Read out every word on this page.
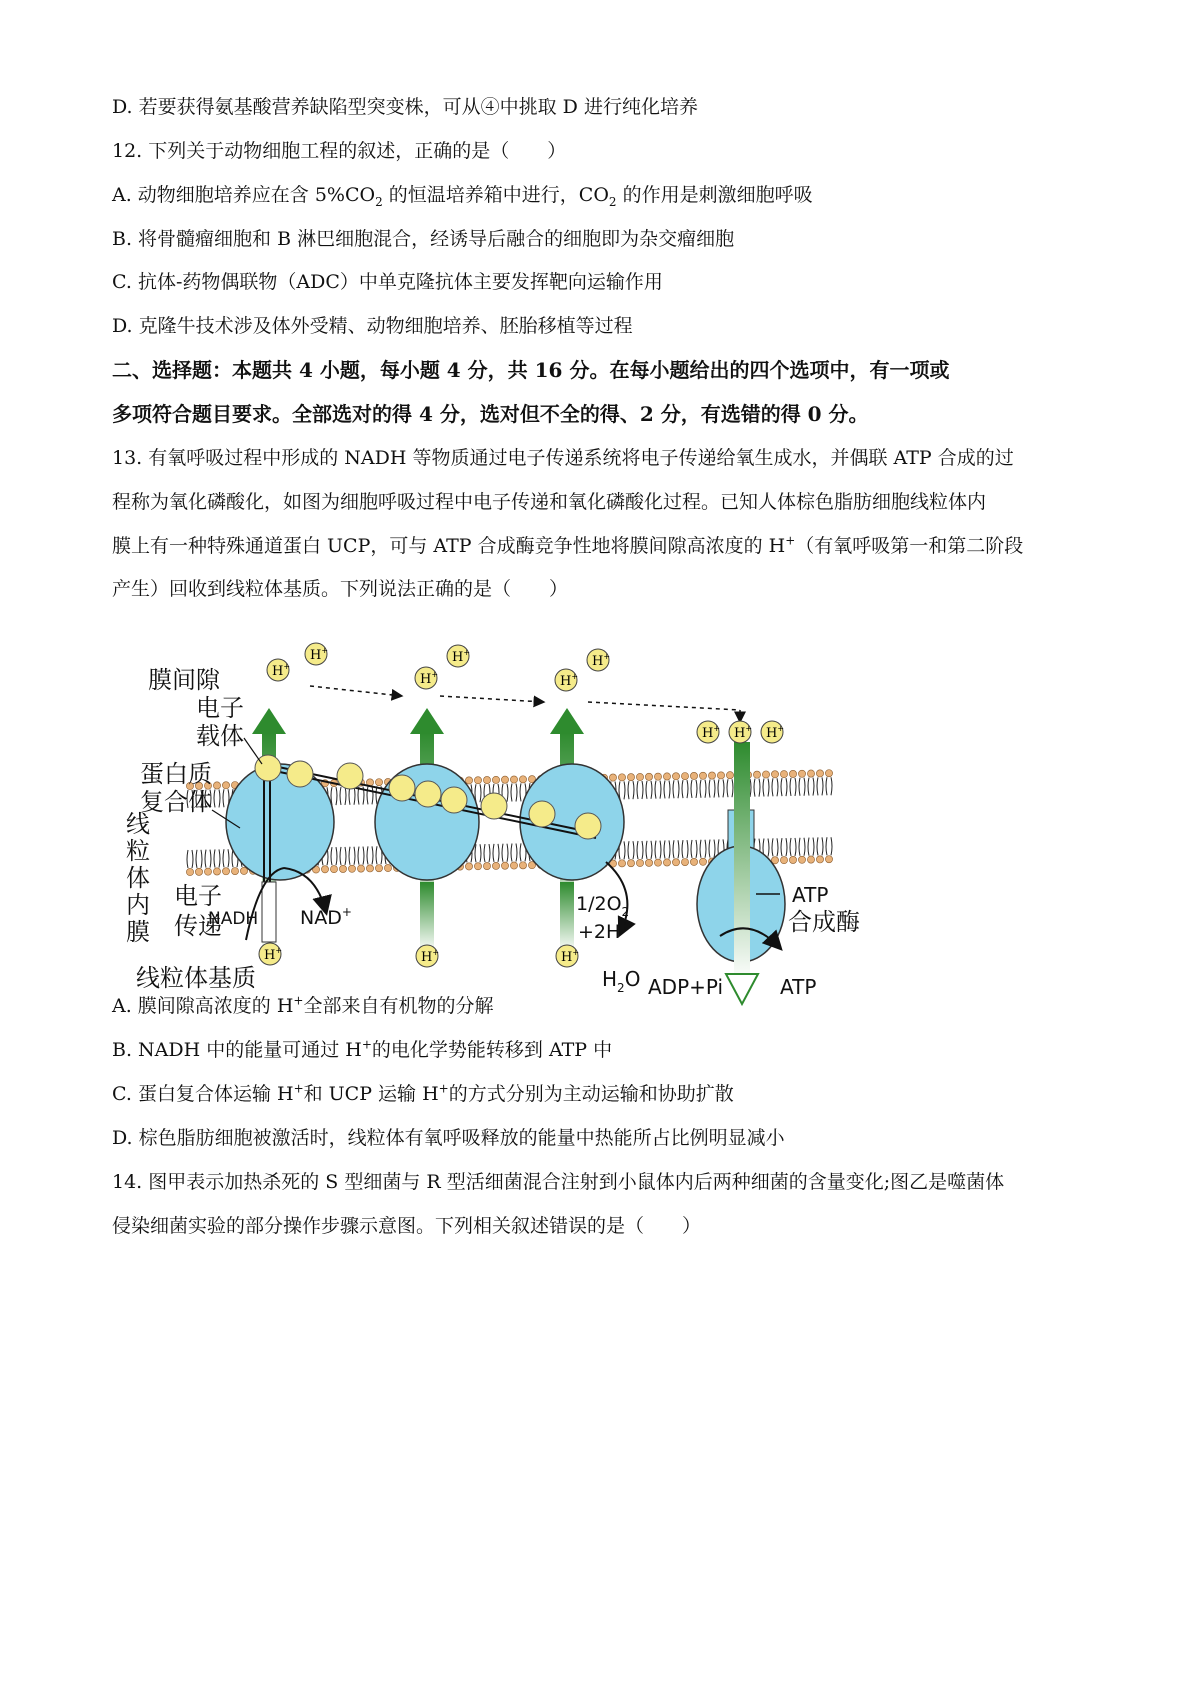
D. 若要获得氨基酸营养缺陷型突变株，可从④中挑取 D 进行纯化培养
12. 下列关于动物细胞工程的叙述，正确的是（　　）
A. 动物细胞培养应在含 $5\%CO_2$ 的恒温培养箱中进行，$CO_2$ 的作用是刺激细胞呼吸
B. 将骨髓瘤细胞和 B 淋巴细胞混合，经诱导后融合的细胞即为杂交瘤细胞
C. 抗体-药物偶联物（ADC）中单克隆抗体主要发挥靶向运输作用
D. 克隆牛技术涉及体外受精、动物细胞培养、胚胎移植等过程
二、选择题：本题共 4 小题，每小题 4 分，共 16 分。在每小题给出的四个选项中，有一项或
多项符合题目要求。全部选对的得 4 分，选对但不全的得、2 分，有选错的得 0 分。
13. 有氧呼吸过程中形成的 NADH 等物质通过电子传递系统将电子传递给氧生成水，并偶联 ATP 合成的过
程称为氧化磷酸化，如图为细胞呼吸过程中电子传递和氧化磷酸化过程。已知人体棕色脂肪细胞线粒体内
膜上有一种特殊通道蛋白 UCP，可与 ATP 合成酶竞争性地将膜间隙高浓度的 H+（有氧呼吸第一和第二阶段
产生）回收到线粒体基质。下列说法正确的是（　　）
H+
H+
H+
H+
H+
H+
H+ H+ H+
H+	H+	H+
膜间隙
电子
载体
蛋白质
复合体
线
粒
体
内
膜
电子
传递
线粒体基质
NADH NAD+	$1/2O_2$
+2H+
$H_2O$ ADP+Pi	ATP
ATP
合成酶
A. 膜间隙高浓度的 H+全部来自有机物的分解
B. NADH 中的能量可通过 H+的电化学势能转移到 ATP 中
C. 蛋白复合体运输 H+和 UCP 运输 H+的方式分别为主动运输和协助扩散
D. 棕色脂肪细胞被激活时，线粒体有氧呼吸释放的能量中热能所占比例明显减小
14. 图甲表示加热杀死的 S 型细菌与 R 型活细菌混合注射到小鼠体内后两种细菌的含量变化;图乙是噬菌体
侵染细菌实验的部分操作步骤示意图。下列相关叙述错误的是（　　）
